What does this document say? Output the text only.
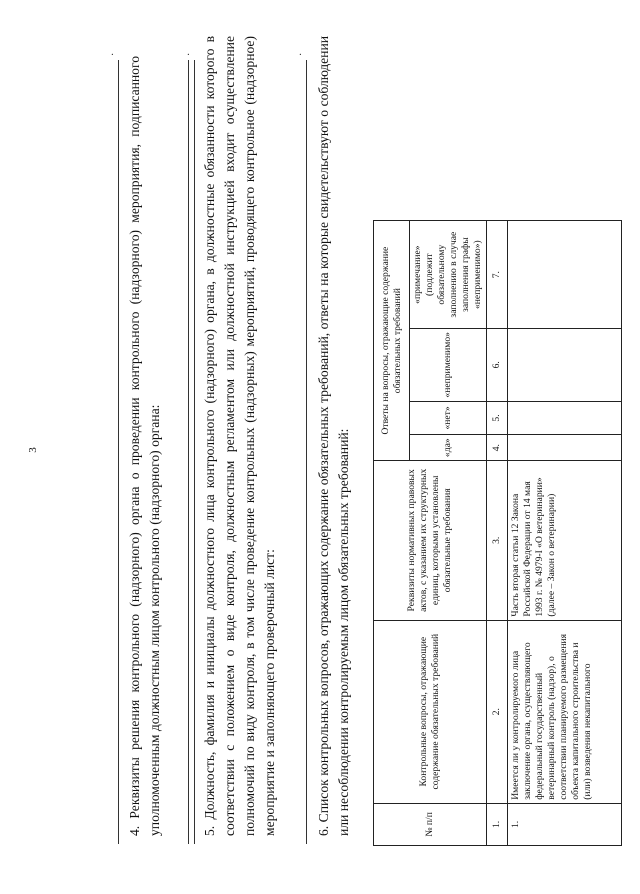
3	4. Реквизиты решения контрольного (надзорного) органа о проведении контрольного (надзорного) мероприятия, подписанного уполномоченным должностным лицом контрольного (надзорного) органа:

·	5. Должность, фамилия и инициалы должностного лица контрольного (надзорного) органа, в должностные обязанности которого в соответствии с положением о виде контроля, должностным регламентом или должностной инструкцией входит осуществление полномочий по виду контроля, в том числе проведение контрольных (надзорных) мероприятий, проводящего контрольное (надзорное) мероприятие и заполняющего проверочный лист:

·	· 6. Список контрольных вопросов, отражающих содержание обязательных требований, ответы на которые свидетельствуют о соблюдении или несоблюдении контролируемым лицом обязательных требований:	№ п/п	Контрольные вопросы, отражающие содержание обязательных требований	Реквизиты нормативных правовых актов, с указанием их структурных единиц, которыми установлены обязательные требования	Ответы на вопросы, отражающие содержание обязательных требований				
			«да»	«нет»	«неприменимо»	«примечание» (подлежит обязательному заполнению в случае заполнения графы «неприменимо»)	
1.	2.	3.	4.	5.	6.	7.	
1.	Имеется ли у контролируемого лица заключение органа, осуществляющего федеральный государственный ветеринарный контроль (надзор), о соответствии планируемого размещения объекта капитального строительства и (или) возведения некапитального	Часть вторая статьи 12 Закона Российской Федерации от 14 мая 1993 г. № 4979-I «О ветеринарии» (далее – Закон о ветеринарии)					
